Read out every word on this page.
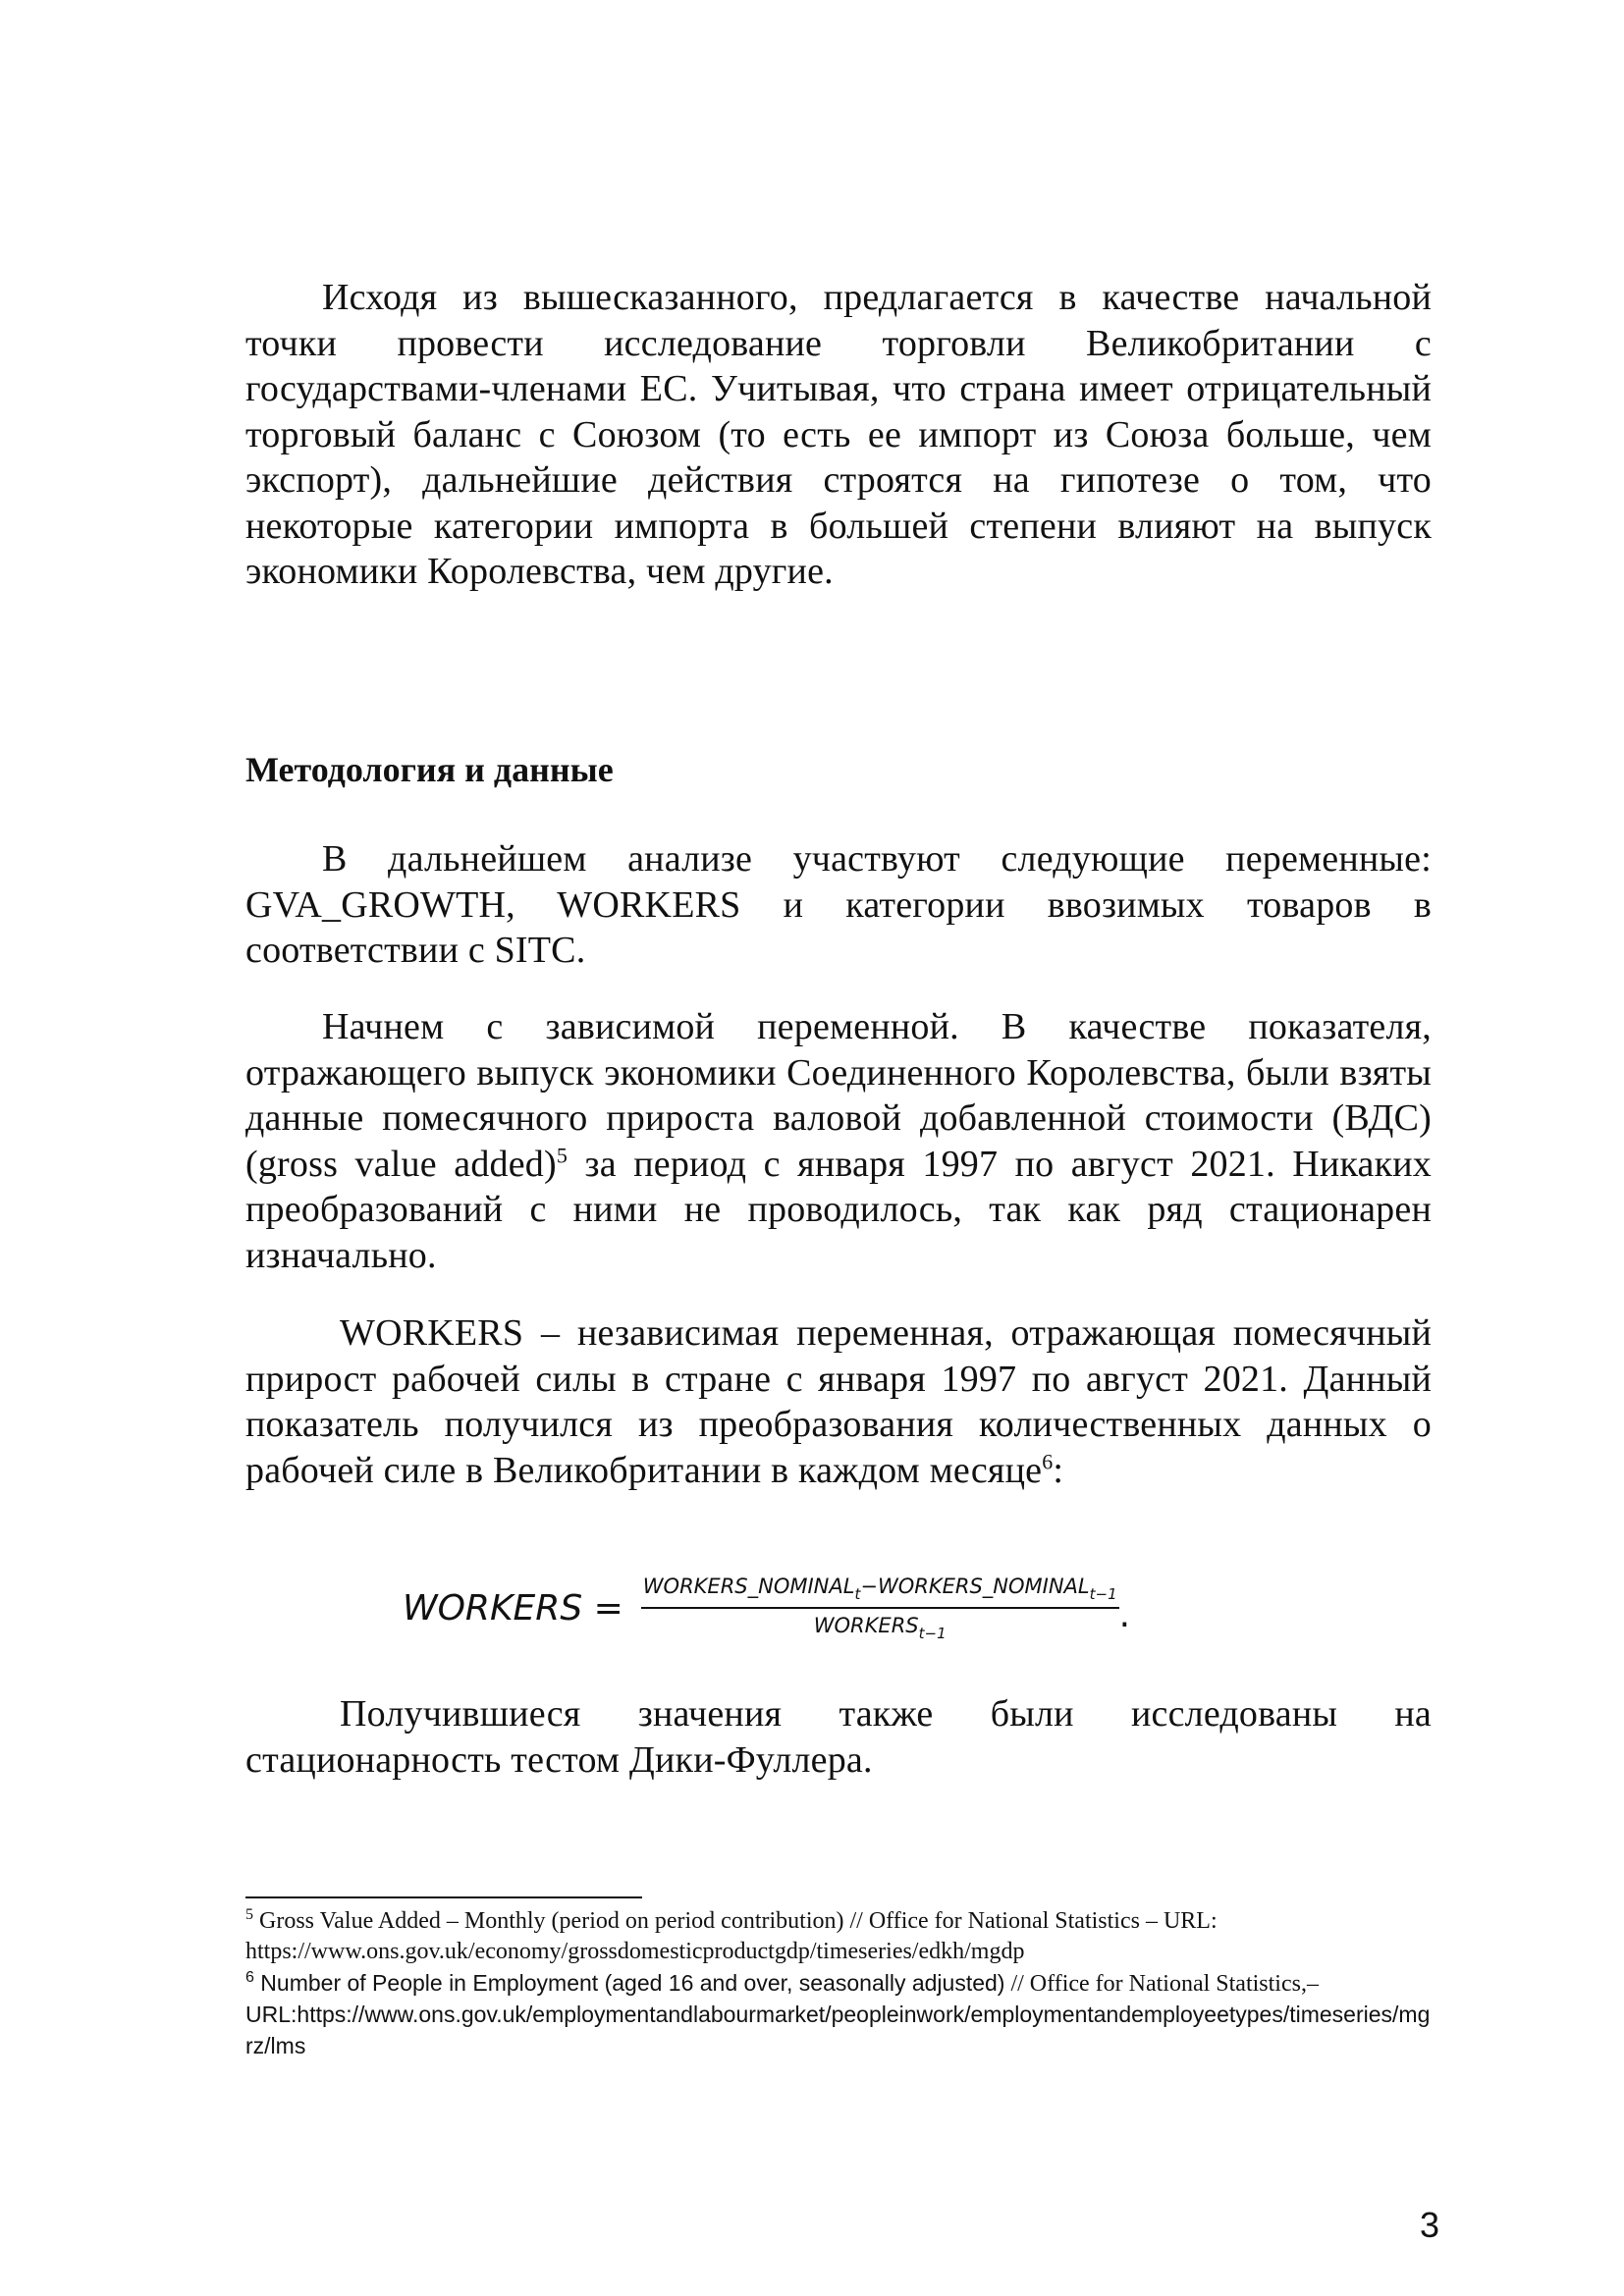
Исходя из вышесказанного, предлагается в качестве начальной точки провести исследование торговли Великобритании с государствами-членами ЕС. Учитывая, что страна имеет отрицательный торговый баланс с Союзом (то есть ее импорт из Союза больше, чем экспорт), дальнейшие действия строятся на гипотезе о том, что некоторые категории импорта в большей степени влияют на выпуск экономики Королевства, чем другие.

Методология и данные

В дальнейшем анализе участвуют следующие переменные: GVA_GROWTH, WORKERS и категории ввозимых товаров в соответствии с SITC.

Начнем с зависимой переменной. В качестве показателя, отражающего выпуск экономики Соединенного Королевства, были взяты данные помесячного прироста валовой добавленной стоимости (ВДС) (gross value added)$^5$ за период с января 1997 по август 2021. Никаких преобразований с ними не проводилось, так как ряд стационарен изначально.

WORKERS – независимая переменная, отражающая помесячный прирост рабочей силы в стране с января 1997 по август 2021. Данный показатель получился из преобразования количественных данных о рабочей силе в Великобритании в каждом месяце$^6$:

WORKERS = $\frac{WORKERS\_NOMINAL_t-WORKERS\_NOMINAL_{t-1}}{WORKERS_{t-1}}$ .

Получившиеся значения также были исследованы на стационарность тестом Дики-Фуллера.

$^5$ Gross Value Added – Monthly (period on period contribution) // Office for National Statistics – URL: https://www.ons.gov.uk/economy/grossdomesticproductgdp/timeseries/edkh/mgdp

$^6$ Number of People in Employment (aged 16 and over, seasonally adjusted) // Office for National Statistics,–
URL:https://www.ons.gov.uk/employmentandlabourmarket/peopleinwork/employmentandemployeetypes/timeseries/mgrz/lms

3
